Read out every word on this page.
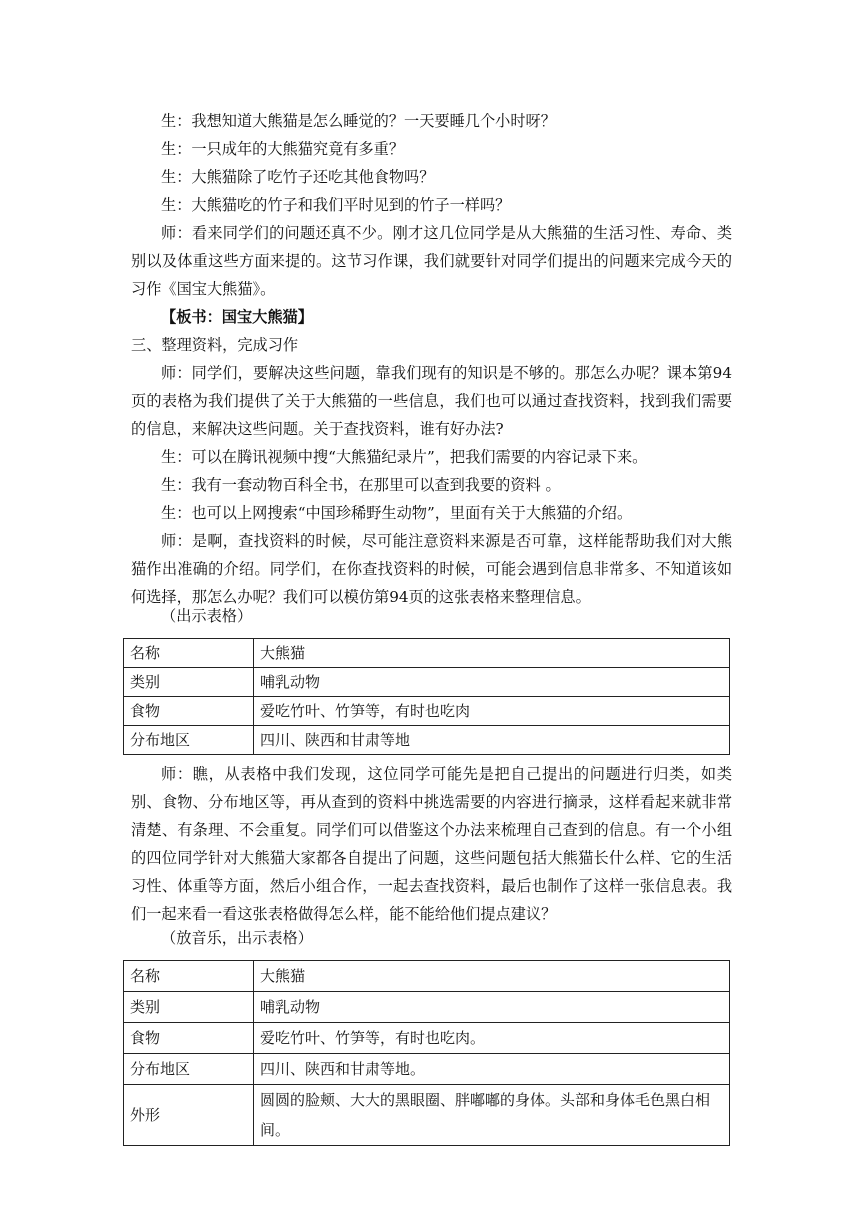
生：我想知道大熊猫是怎么睡觉的？一天要睡几个小时呀？

生：一只成年的大熊猫究竟有多重？

生：大熊猫除了吃竹子还吃其他食物吗？

生：大熊猫吃的竹子和我们平时见到的竹子一样吗？

师：看来同学们的问题还真不少。刚才这几位同学是从大熊猫的生活习性、寿命、类别以及体重这些方面来提的。这节习作课，我们就要针对同学们提出的问题来完成今天的习作《国宝大熊猫》。

【板书：国宝大熊猫】

三、整理资料，完成习作

师：同学们，要解决这些问题，靠我们现有的知识是不够的。那怎么办呢？课本第94页的表格为我们提供了关于大熊猫的一些信息，我们也可以通过查找资料，找到我们需要的信息，来解决这些问题。关于查找资料，谁有好办法?

生：可以在腾讯视频中搜“大熊猫纪录片”，把我们需要的内容记录下来。

生：我有一套动物百科全书，在那里可以查到我要的资料 。

生：也可以上网搜索“中国珍稀野生动物”，里面有关于大熊猫的介绍。

师：是啊，查找资料的时候，尽可能注意资料来源是否可靠，这样能帮助我们对大熊猫作出准确的介绍。同学们，在你查找资料的时候，可能会遇到信息非常多、不知道该如何选择，那怎么办呢？我们可以模仿第94页的这张表格来整理信息。

（出示表格）

名称	大熊猫
类别	哺乳动物
食物	爱吃竹叶、竹笋等，有时也吃肉
分布地区	四川、陕西和甘肃等地

师：瞧，从表格中我们发现，这位同学可能先是把自己提出的问题进行归类，如类别、食物、分布地区等，再从查到的资料中挑选需要的内容进行摘录，这样看起来就非常清楚、有条理、不会重复。同学们可以借鉴这个办法来梳理自己查到的信息。有一个小组的四位同学针对大熊猫大家都各自提出了问题，这些问题包括大熊猫长什么样、它的生活习性、体重等方面，然后小组合作，一起去查找资料，最后也制作了这样一张信息表。我们一起来看一看这张表格做得怎么样，能不能给他们提点建议？

（放音乐，出示表格）

名称	大熊猫
类别	哺乳动物
食物	爱吃竹叶、竹笋等，有时也吃肉。
分布地区	四川、陕西和甘肃等地。
外形	圆圆的脸颊、大大的黑眼圈、胖嘟嘟的身体。头部和身体毛色黑白相间。
